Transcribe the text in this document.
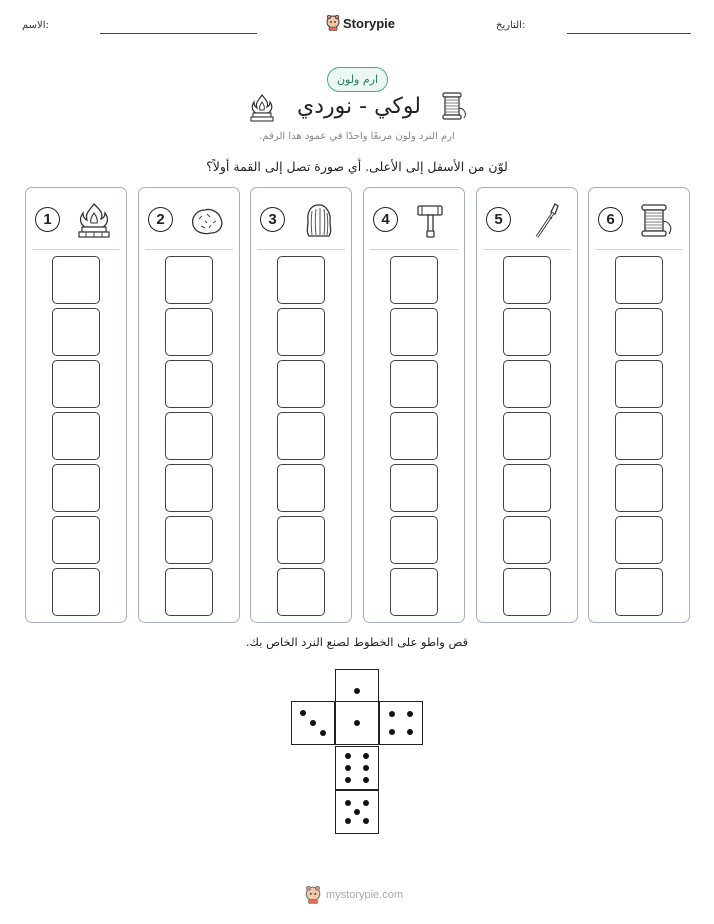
الاسم:	التاريخ:
Storypie
ارم ولون
لوكي - نوردي
ارم النرد ولون مربعًا واحدًا في عمود هذا الرقم.
لوّن من الأسفل إلى الأعلى. أي صورة تصل إلى القمة أولاً؟
1	2	3	4	5	6
قص واطو على الخطوط لصنع النرد الخاص بك.
mystorypie.com
